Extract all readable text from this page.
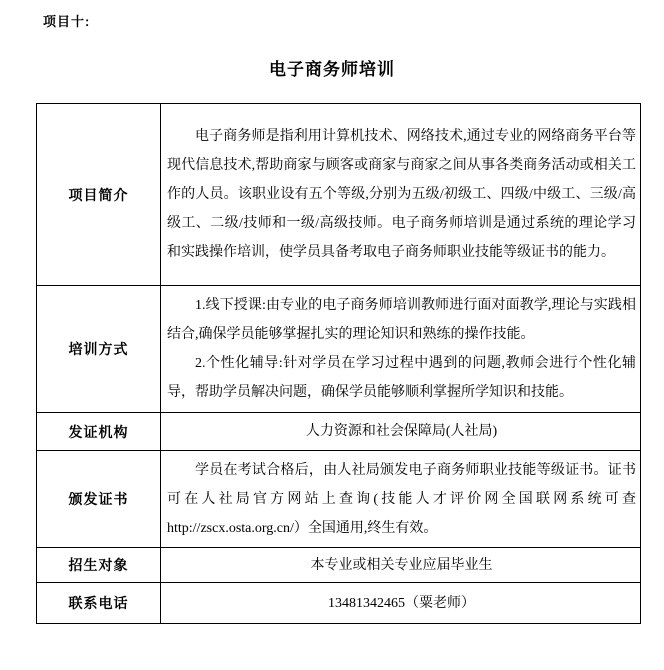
项目十:
电子商务师培训
项目简介	电子商务师是指利用计算机技术、网络技术,通过专业的网络商务平台等现代信息技术,帮助商家与顾客或商家与商家之间从事各类商务活动或相关工作的人员。该职业设有五个等级,分别为五级/初级工、四级/中级工、三级/高级工、二级/技师和一级/高级技师。电子商务师培训是通过系统的理论学习和实践操作培训，使学员具备考取电子商务师职业技能等级证书的能力。

培训方式	1.线下授课:由专业的电子商务师培训教师进行面对面教学,理论与实践相结合,确保学员能够掌握扎实的理论知识和熟练的操作技能。

2.个性化辅导:针对学员在学习过程中遇到的问题,教师会进行个性化辅导，帮助学员解决问题，确保学员能够顺利掌握所学知识和技能。

发证机构	人力资源和社会保障局(人社局)

颁发证书	学员在考试合格后，由人社局颁发电子商务师职业技能等级证书。证书可在人社局官方网站上查询(技能人才评价网全国联网系统可查http://zscx.osta.org.cn/）全国通用,终生有效。

招生对象	本专业或相关专业应届毕业生

联系电话	13481342465（粟老师）
